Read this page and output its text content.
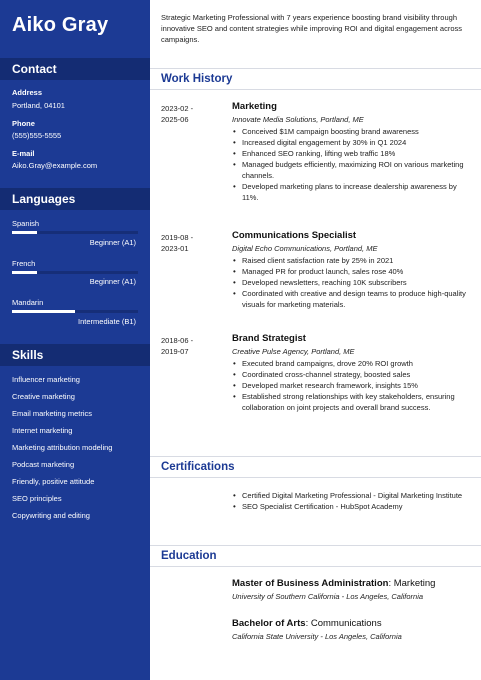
Aiko Gray
Contact
Address
Portland, 04101
Phone
(555)555-5555
E-mail
Aiko.Gray@example.com
Languages
Spanish
Beginner (A1)
French
Beginner (A1)
Mandarin
Intermediate (B1)
Skills
Influencer marketing
Creative marketing
Email marketing metrics
Internet marketing
Marketing attribution modeling
Podcast marketing
Friendly, positive attitude
SEO principles
Copywriting and editing
Strategic Marketing Professional with 7 years experience boosting brand visibility through innovative SEO and content strategies while improving ROI and digital engagement across campaigns.
Work History
2023-02 -
2025-06
Marketing
Innovate Media Solutions, Portland, ME
• Conceived $1M campaign boosting brand awareness
• Increased digital engagement by 30% in Q1 2024
• Enhanced SEO ranking, lifting web traffic 18%
• Managed budgets efficiently, maximizing ROI on various marketing channels.
• Developed marketing plans to increase dealership awareness by 11%.
2019-08 -
2023-01
Communications Specialist
Digital Echo Communications, Portland, ME
• Raised client satisfaction rate by 25% in 2021
• Managed PR for product launch, sales rose 40%
• Developed newsletters, reaching 10K subscribers
• Coordinated with creative and design teams to produce high-quality visuals for marketing materials.
2018-06 -
2019-07
Brand Strategist
Creative Pulse Agency, Portland, ME
• Executed brand campaigns, drove 20% ROI growth
• Coordinated cross-channel strategy, boosted sales
• Developed market research framework, insights 15%
• Established strong relationships with key stakeholders, ensuring collaboration on joint projects and overall brand success.
Certifications
• Certified Digital Marketing Professional - Digital Marketing Institute
• SEO Specialist Certification - HubSpot Academy
Education
Master of Business Administration: Marketing
University of Southern California - Los Angeles, California
Bachelor of Arts: Communications
California State University - Los Angeles, California
